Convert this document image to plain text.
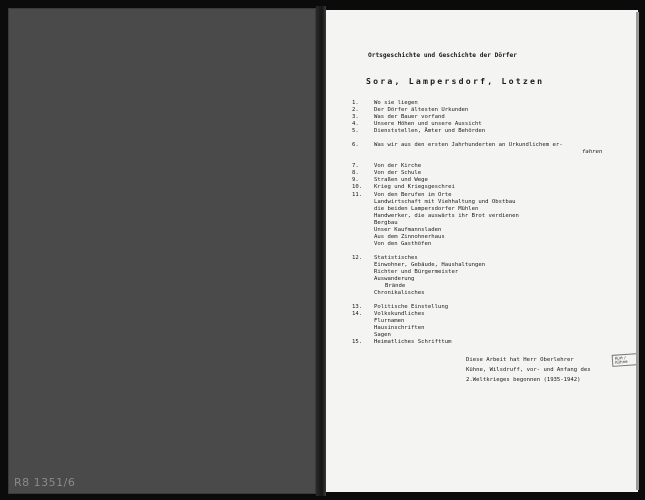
R8 1351/6
Ortsgeschichte und Geschichte der Dörfer
Sora, Lampersdorf, Lotzen
1.	Wo sie liegen
2.	Der Dörfer ältesten Urkunden
3.	Was der Bauer vorfand
4.	Unsere Höhen und unsere Aussicht
5.	Dienststellen, Ämter und Behörden
6.	Was wir aus den ersten Jahrhunderten an Urkundlichem er-
fahren
7.	Von der Kirche
8.	Von der Schule
9.	Straßen und Wege
10.	Krieg und Kriegsgeschrei
11.	Von den Berufen im Orte
Landwirtschaft mit Viehhaltung und Obstbau
die beiden Lampersdorfer Mühlen
Handwerker, die auswärts ihr Brot verdienen
Bergbau
Unser Kaufmannsladen
Aus dem Zinnohnerhaus
Von den Gasthöfen
12.	Statistisches
Einwohner, Gebäude, Haushaltungen
Richter und Bürgermeister
Auswanderung
Brände
Chronikalisches
13.	Politische Einstellung
14.	Volkskundliches
Flurnamen
Hausinschriften
Sagen
15.	Heimatliches Schrifttum
Diese Arbeit hat Herr Oberlehrer
Kühne, Wilsdruff, vor- und Anfang des
2.Weltkrieges begonnen (1935-1942)
Kurt / Kühne
